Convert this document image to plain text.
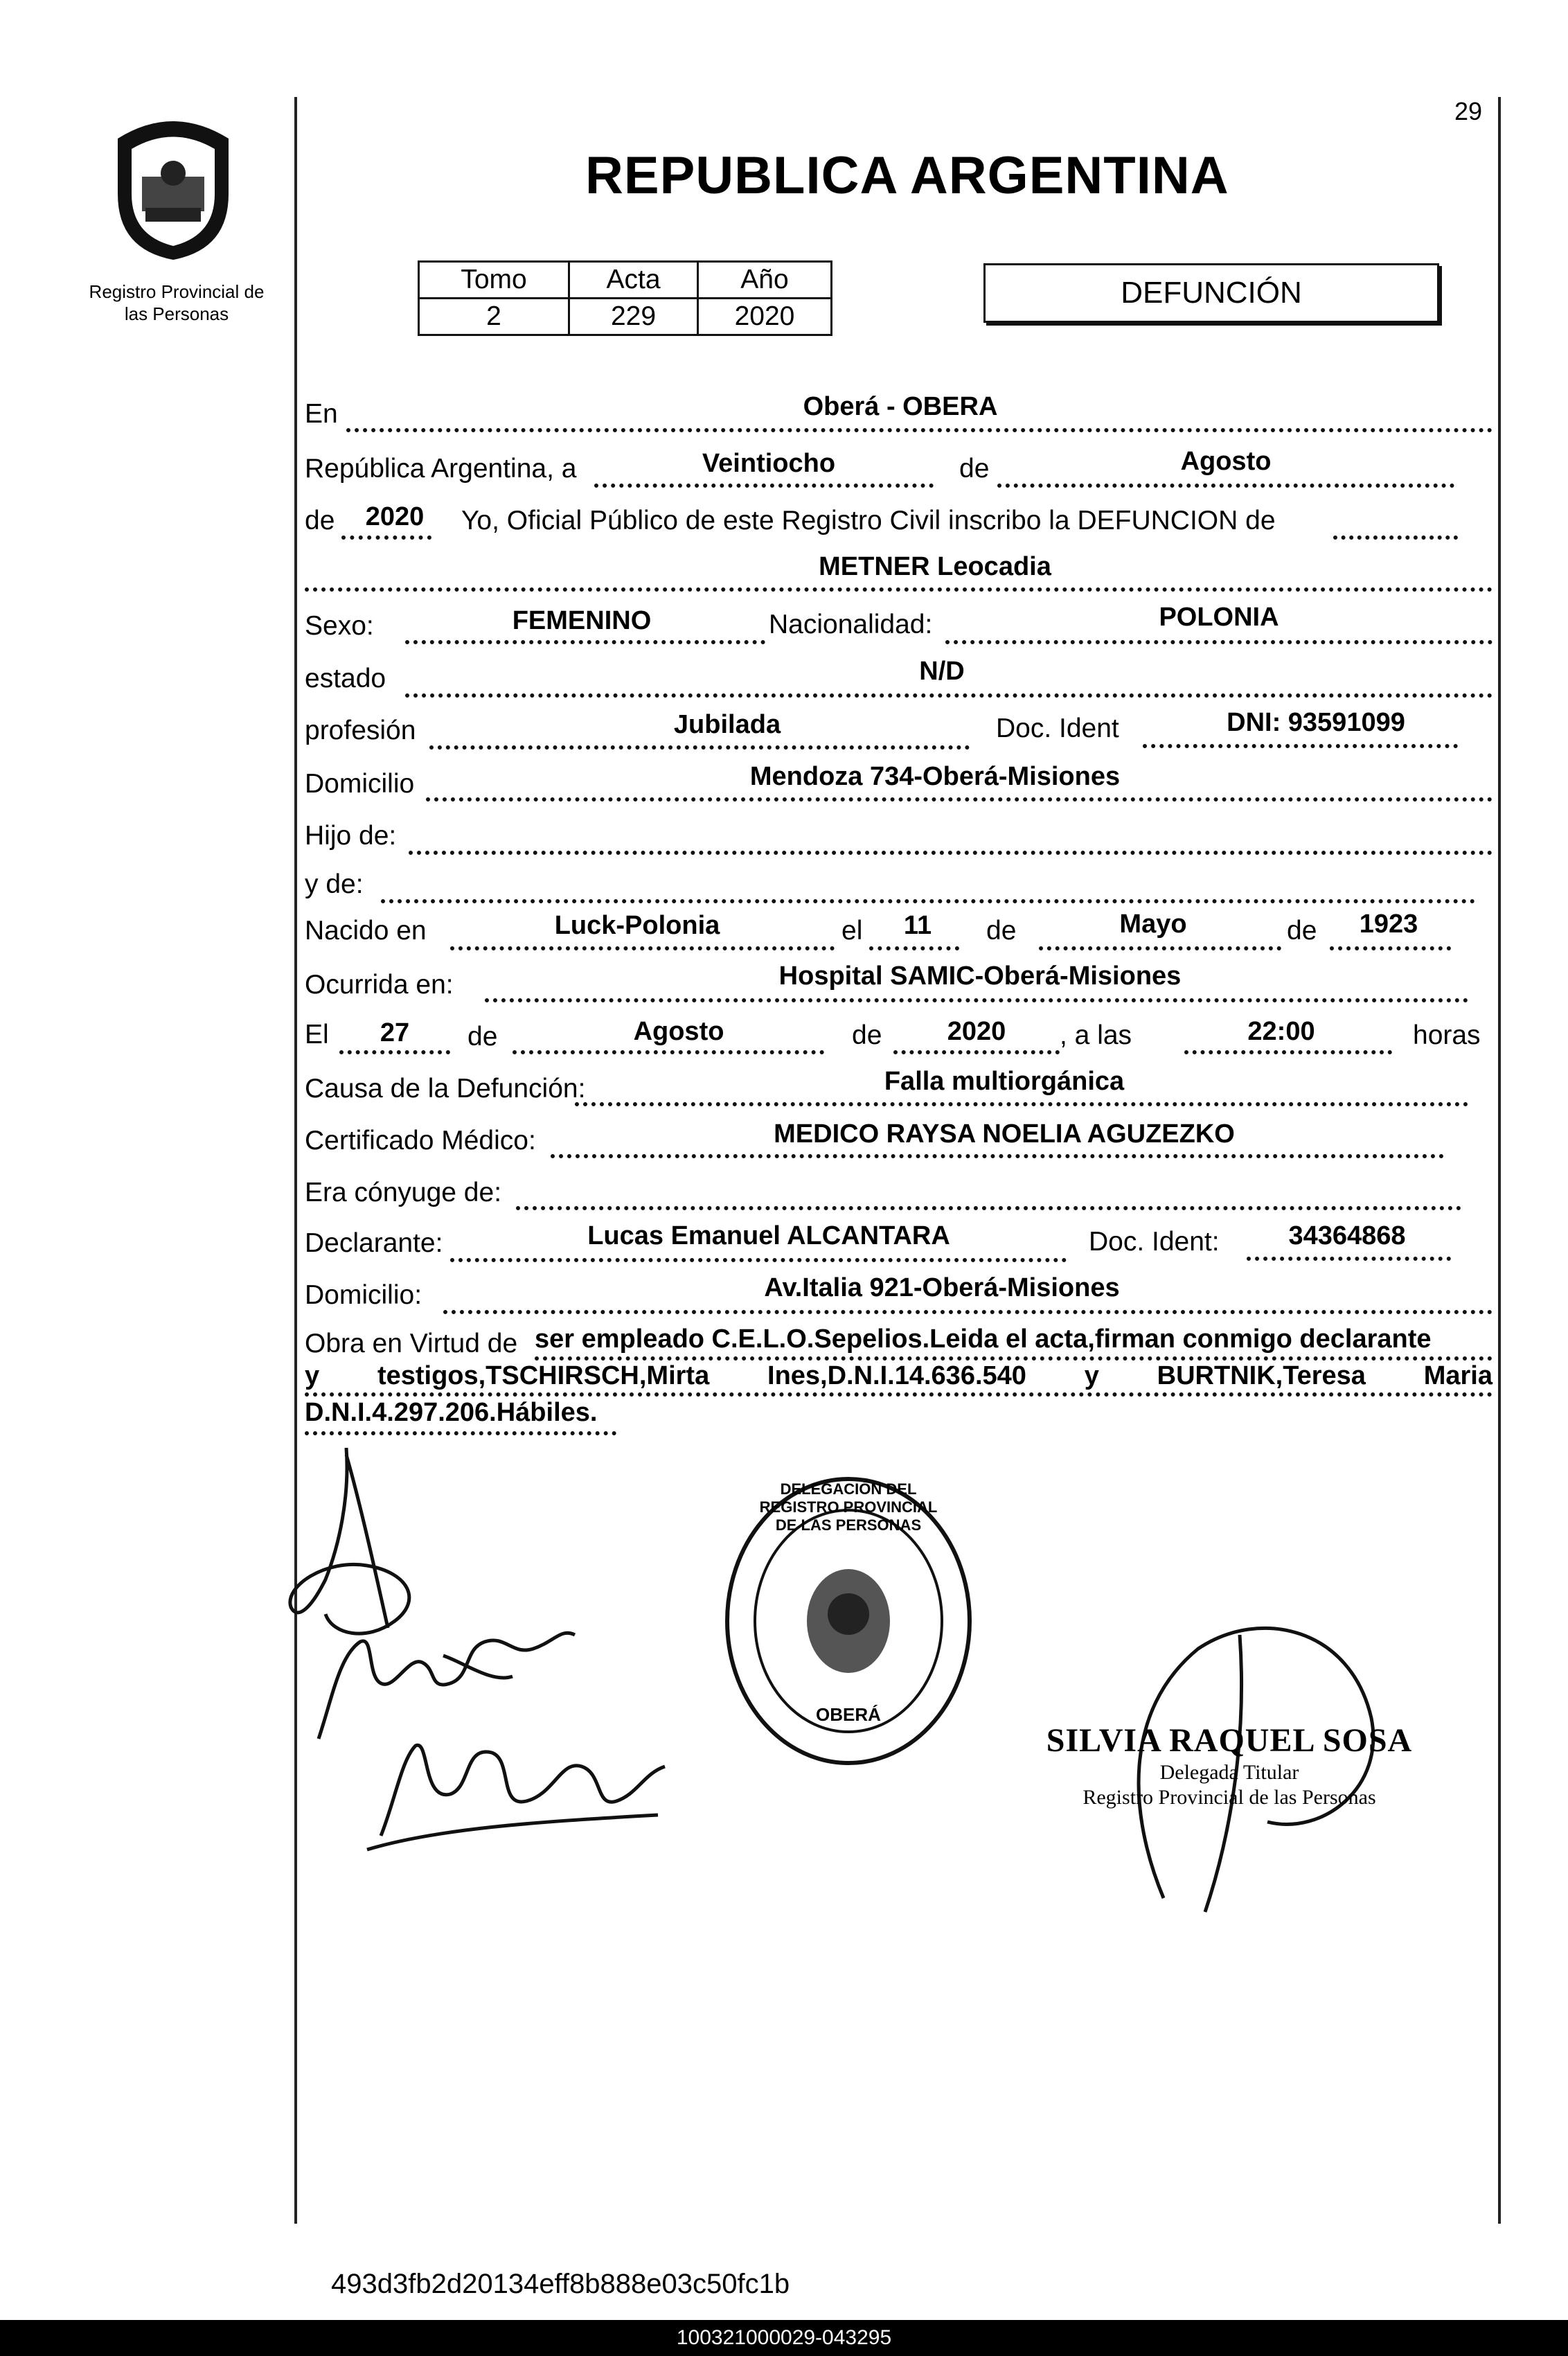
Registro Provincial de
las Personas
29
REPUBLICA ARGENTINA
Tomo	Acta	Año
2	229	2020
DEFUNCIÓN
En	Oberá - OBERA
República Argentina, a	Veintiocho	de	Agosto
de	2020	Yo, Oficial Público de este Registro Civil inscribo la DEFUNCION de
METNER Leocadia
Sexo:	FEMENINO	Nacionalidad:	POLONIA
estado	N/D
profesión	Jubilada	Doc. Ident	DNI: 93591099
Domicilio	Mendoza 734-Oberá-Misiones
Hijo de:
y de:
Nacido en	Luck-Polonia	el	11	de	Mayo	de	1923
Ocurrida en:	Hospital SAMIC-Oberá-Misiones
El	27	de	Agosto	de	2020	, a las	22:00	horas
Causa de la Defunción:	Falla multiorgánica
Certificado Médico:	MEDICO RAYSA NOELIA AGUZEZKO
Era cónyuge de:
Declarante:	Lucas Emanuel ALCANTARA	Doc. Ident:	34364868
Domicilio:	Av.Italia 921-Oberá-Misiones
Obra en Virtud de ser empleado C.E.L.O.Sepelios.Leida el acta,firman conmigo declarante
y testigos,TSCHIRSCH,Mirta Ines,D.N.I.14.636.540 y BURTNIK,Teresa Maria
D.N.I.4.297.206.Hábiles.
DELEGACIÓN DEL REGISTRO PROVINCIAL DE LAS PERSONAS
OBERÁ
SILVIA RAQUEL SOSA
Delegada Titular
Registro Provincial de las Personas
493d3fb2d20134eff8b888e03c50fc1b
100321000029-043295
